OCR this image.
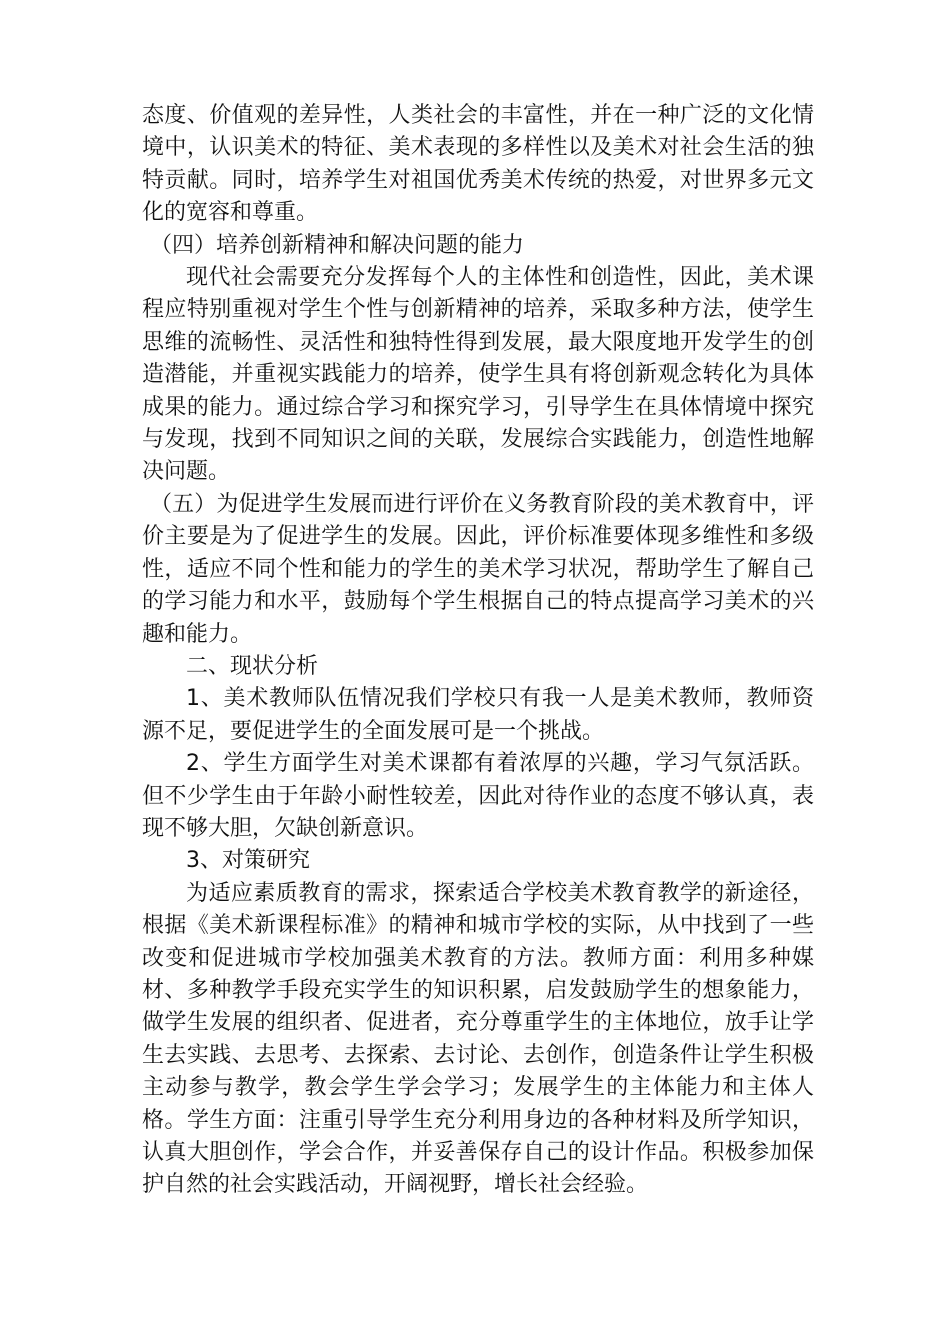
态度、价值观的差异性，人类社会的丰富性，并在一种广泛的文化情境中，认识美术的特征、美术表现的多样性以及美术对社会生活的独特贡献。同时，培养学生对祖国优秀美术传统的热爱，对世界多元文化的宽容和尊重。

（四）培养创新精神和解决问题的能力

现代社会需要充分发挥每个人的主体性和创造性，因此，美术课程应特别重视对学生个性与创新精神的培养，采取多种方法，使学生思维的流畅性、灵活性和独特性得到发展，最大限度地开发学生的创造潜能，并重视实践能力的培养，使学生具有将创新观念转化为具体成果的能力。通过综合学习和探究学习，引导学生在具体情境中探究与发现，找到不同知识之间的关联，发展综合实践能力，创造性地解决问题。

（五）为促进学生发展而进行评价在义务教育阶段的美术教育中，评价主要是为了促进学生的发展。因此，评价标准要体现多维性和多级性，适应不同个性和能力的学生的美术学习状况，帮助学生了解自己的学习能力和水平，鼓励每个学生根据自己的特点提高学习美术的兴趣和能力。

二、现状分析

1、美术教师队伍情况我们学校只有我一人是美术教师，教师资源不足，要促进学生的全面发展可是一个挑战。

2、学生方面学生对美术课都有着浓厚的兴趣，学习气氛活跃。但不少学生由于年龄小耐性较差，因此对待作业的态度不够认真，表现不够大胆，欠缺创新意识。

3、对策研究

为适应素质教育的需求，探索适合学校美术教育教学的新途径，根据《美术新课程标准》的精神和城市学校的实际，从中找到了一些改变和促进城市学校加强美术教育的方法。教师方面：利用多种媒材、多种教学手段充实学生的知识积累，启发鼓励学生的想象能力，做学生发展的组织者、促进者，充分尊重学生的主体地位，放手让学生去实践、去思考、去探索、去讨论、去创作，创造条件让学生积极主动参与教学，教会学生学会学习；发展学生的主体能力和主体人格。学生方面：注重引导学生充分利用身边的各种材料及所学知识，认真大胆创作，学会合作，并妥善保存自己的设计作品。积极参加保护自然的社会实践活动，开阔视野，增长社会经验。
